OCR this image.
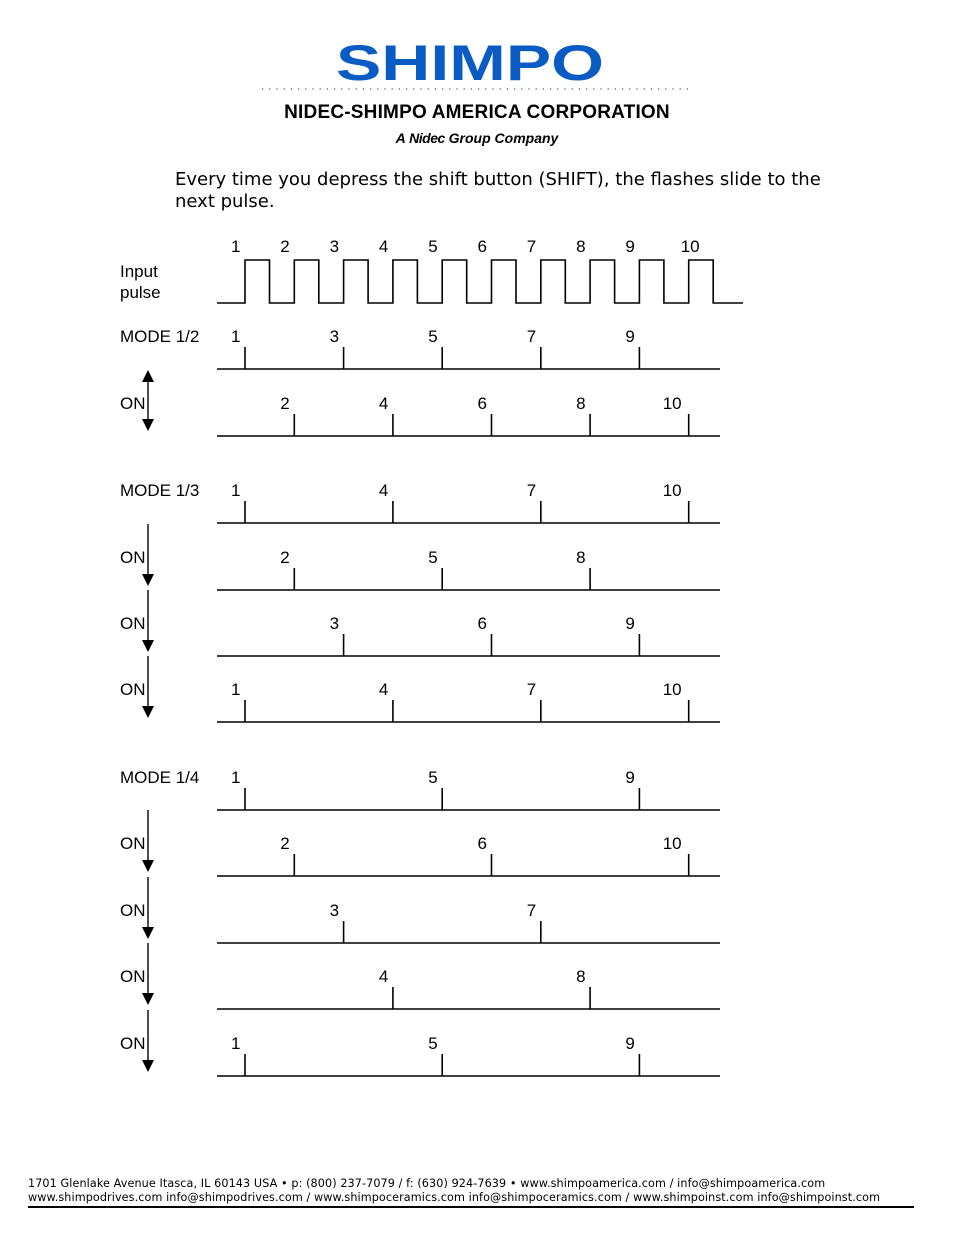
SHIMPO
NIDEC-SHIMPO AMERICA CORPORATION
A Nidec Group Company
Every time you depress the shift button (SHIFT), the flashes slide to the next pulse.
1 2 3 4 5 6 7 8 9	10
Input
pulse
MODE 1/2 1	3	5	7	9
ON	2	4	6	8	10
MODE 1/3 1	4	7	10
ON	2	5	8
ON	3	6	9
ON	1	4	7	10
MODE 1/4 1	5	9
ON	2	6	10
ON	3	7
ON	4	8
ON	1	5	9
1701 Glenlake Avenue Itasca, IL 60143 USA • p: (800) 237-7079 / f: (630) 924-7639 • www.shimpoamerica.com / info@shimpoamerica.com
www.shimpodrives.com info@shimpodrives.com / www.shimpoceramics.com info@shimpoceramics.com / www.shimpoinst.com info@shimpoinst.com
